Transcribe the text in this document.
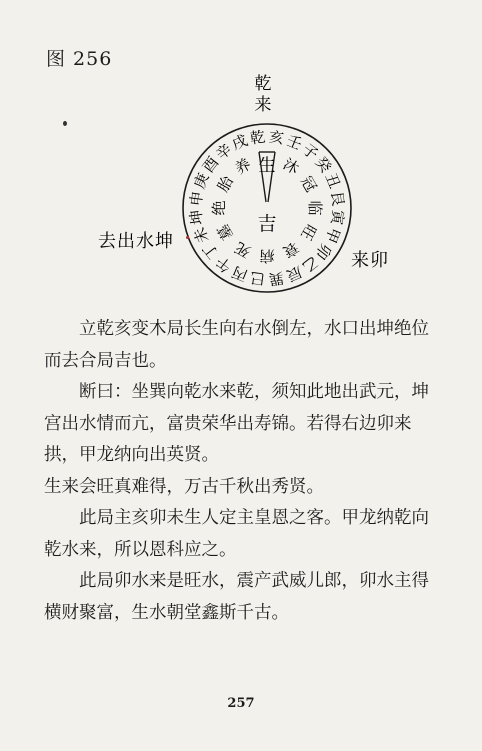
图 256
乾
来
乾 亥
壬
子
癸
丑
艮
寅
甲
卯
乙
辰
巽
巳
丙
午
丁
未
坤
申
庚
酉
辛
戌
沐
冠
临
旺
衰
病
死
墓
绝
胎
养 生
吉
去出水坤
来卯

立乾亥变木局长生向右水倒左，水口出坤绝位而去合局吉也。

断曰：坐巽向乾水来乾，须知此地出武元，坤宫出水情而亢，富贵荣华出寿锦。若得右边卯来拱，甲龙纳向出英贤。

生来会旺真难得，万古千秋出秀贤。

此局主亥卯未生人定主皇恩之客。甲龙纳乾向乾水来，所以恩科应之。

此局卯水来是旺水，震产武威儿郎，卯水主得横财聚富，生水朝堂鑫斯千古。

257
